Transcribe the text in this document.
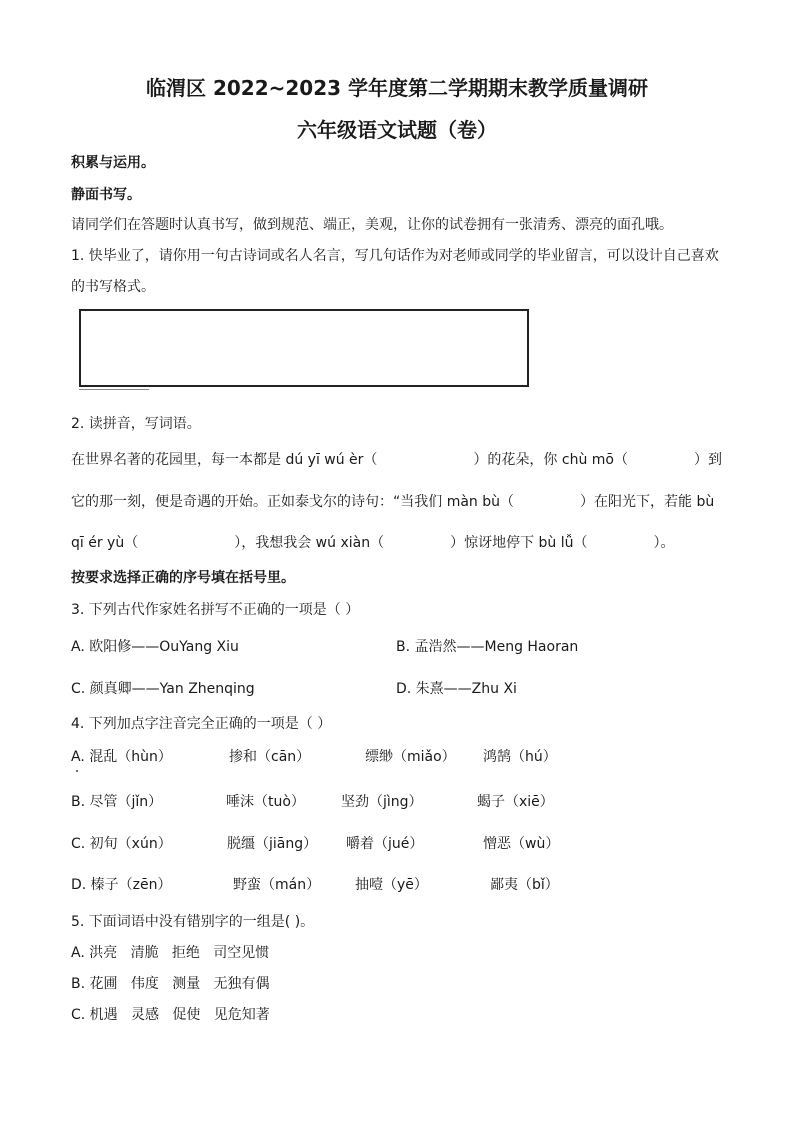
临渭区 2022~2023 学年度第二学期期末教学质量调研
六年级语文试题（卷）
积累与运用。
静面书写。
请同学们在答题时认真书写，做到规范、端正，美观，让你的试卷拥有一张清秀、漂亮的面孔哦。
1. 快毕业了，请你用一句古诗词或名人名言，写几句话作为对老师或同学的毕业留言，可以设计自己喜欢
的书写格式。
2. 读拼音，写词语。
在世界名著的花园里，每一本都是 dú yī wú èr（	）的花朵，你 chù mō（	）到
它的那一刻，便是奇遇的开始。正如泰戈尔的诗句：“当我们 màn bù（	）在阳光下，若能 bù
qī ér yù（	），我想我会 wú xiàn（	）惊讶地停下 bù lǚ（	）。
按要求选择正确的序号填在括号里。
3. 下列古代作家姓名拼写不正确的一项是（ ）
A. 欧阳修——OuYang Xiu	B. 孟浩然——Meng Haoran
C. 颜真卿——Yan Zhenqing	D. 朱熹——Zhu Xi
4. 下列加点字注音完全正确的一项是（ ）
A. 混乱（hùn）	掺和（cān）	缥缈（miǎo） 鸿鹄（hú）
B. 尽管（jǐn）	唾沫（tuò）	坚劲（jìng）	蝎子（xiē）
C. 初旬（xún）	脱缰（jiāng） 嚼着（jué）	憎恶（wù）
D. 榛子（zēn）	野蛮（mán） 抽噎（yē）	鄙夷（bǐ）
5. 下面词语中没有错别字的一组是( )。
A. 洪亮   清脆   拒绝   司空见惯
B. 花圃   伟度   测量   无独有偶
C. 机遇   灵感   促使   见危知著
